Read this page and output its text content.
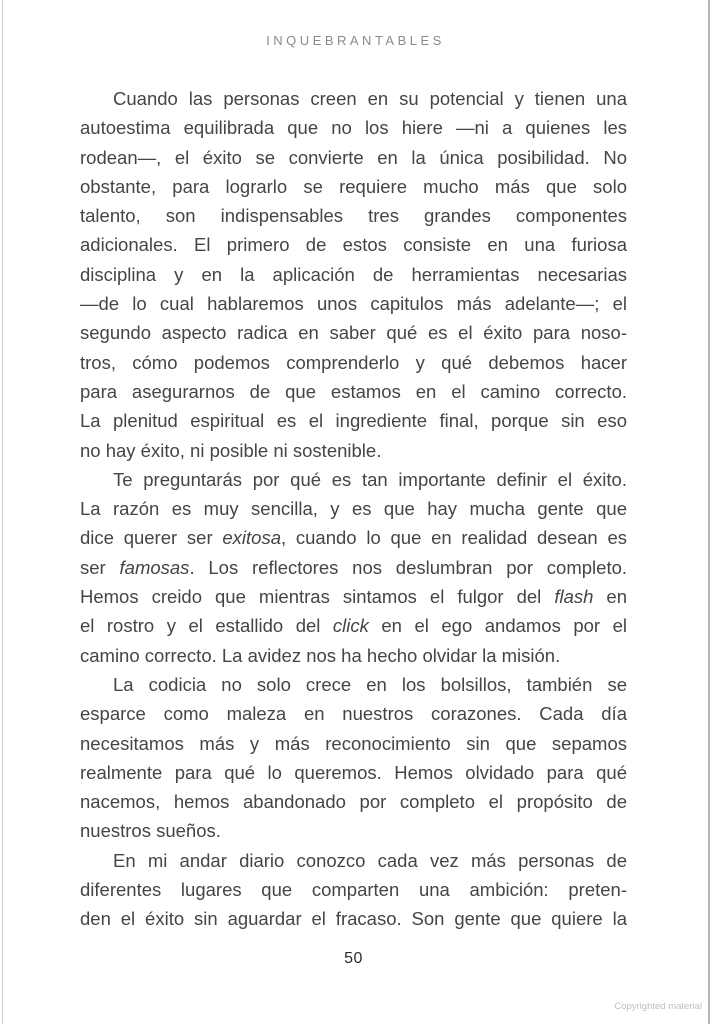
INQUEBRANTABLES
Cuando las personas creen en su potencial y tienen una
autoestima equilibrada que no los hiere —ni a quienes les
rodean—, el éxito se convierte en la única posibilidad. No
obstante, para lograrlo se requiere mucho más que solo
talento, son indispensables tres grandes componentes
adicionales. El primero de estos consiste en una furiosa
disciplina y en la aplicación de herramientas necesarias
—de lo cual hablaremos unos capitulos más adelante—; el
segundo aspecto radica en saber qué es el éxito para noso-
tros, cómo podemos comprenderlo y qué debemos hacer
para asegurarnos de que estamos en el camino correcto.
La plenitud espiritual es el ingrediente final, porque sin eso
no hay éxito, ni posible ni sostenible.
Te preguntarás por qué es tan importante definir el éxito.
La razón es muy sencilla, y es que hay mucha gente que
dice querer ser exitosa, cuando lo que en realidad desean es
ser famosas. Los reflectores nos deslumbran por completo.
Hemos creido que mientras sintamos el fulgor del flash en
el rostro y el estallido del click en el ego andamos por el
camino correcto. La avidez nos ha hecho olvidar la misión.
La codicia no solo crece en los bolsillos, también se
esparce como maleza en nuestros corazones. Cada día
necesitamos más y más reconocimiento sin que sepamos
realmente para qué lo queremos. Hemos olvidado para qué
nacemos, hemos abandonado por completo el propósito de
nuestros sueños.
En mi andar diario conozco cada vez más personas de
diferentes lugares que comparten una ambición: preten-
den el éxito sin aguardar el fracaso. Son gente que quiere la
50
Copyrighted material
